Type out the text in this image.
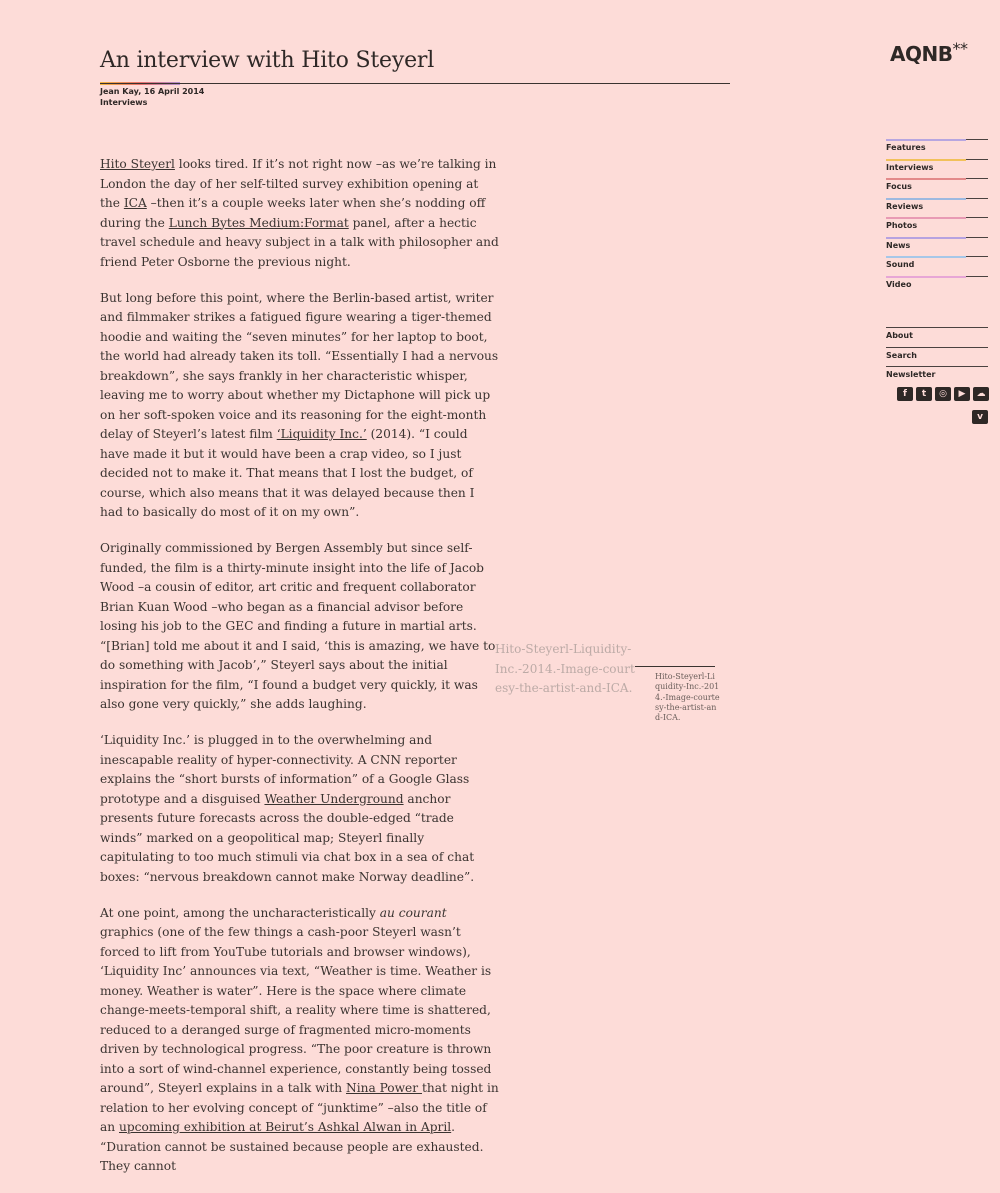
An interview with Hito Steyerl
Jean Kay, 16 April 2014
Interviews
AQNB**
Features
Interviews
Focus
Reviews
Photos
News
Sound
Video
About
Search
Newsletter
f	t	◎	▶	☁
v

Hito Steyerl looks tired. If it’s not right now –as we’re talking in London the day of her self-tilted survey exhibition opening at the ICA –then it’s a couple weeks later when she’s nodding off during the Lunch Bytes Medium:Format panel, after a hectic travel schedule and heavy subject in a talk with philosopher and friend Peter Osborne the previous night.

But long before this point, where the Berlin-based artist, writer and filmmaker strikes a fatigued figure wearing a tiger-themed hoodie and waiting the “seven minutes” for her laptop to boot, the world had already taken its toll. “Essentially I had a nervous breakdown”, she says frankly in her characteristic whisper, leaving me to worry about whether my Dictaphone will pick up on her soft-spoken voice and its reasoning for the eight-month delay of Steyerl’s latest film ‘Liquidity Inc.’ (2014). “I could have made it but it would have been a crap video, so I just decided not to make it. That means that I lost the budget, of course, which also means that it was delayed because then I had to basically do most of it on my own”.

Originally commissioned by Bergen Assembly but since self-funded, the film is a thirty-minute insight into the life of Jacob Wood –a cousin of editor, art critic and frequent collaborator Brian Kuan Wood –who began as a financial advisor before losing his job to the GEC and finding a future in martial arts. “[Brian] told me about it and I said, ‘this is amazing, we have to do something with Jacob’,” Steyerl says about the initial inspiration for the film, “I found a budget very quickly, it was also gone very quickly,” she adds laughing.

‘Liquidity Inc.’ is plugged in to the overwhelming and inescapable reality of hyper-connectivity. A CNN reporter explains the “short bursts of information” of a Google Glass prototype and a disguised Weather Underground anchor presents future forecasts across the double-edged “trade winds” marked on a geopolitical map; Steyerl finally capitulating to too much stimuli via chat box in a sea of chat boxes: “nervous breakdown cannot make Norway deadline”.

At one point, among the uncharacteristically au courant graphics (one of the few things a cash-poor Steyerl wasn’t forced to lift from YouTube tutorials and browser windows), ‘Liquidity Inc’ announces via text, “Weather is time. Weather is money. Weather is water”. Here is the space where climate change-meets-temporal shift, a reality where time is shattered, reduced to a deranged surge of fragmented micro-moments driven by technological progress. “The poor creature is thrown into a sort of wind-channel experience, constantly being tossed around”, Steyerl explains in a talk with Nina Power that night in relation to her evolving concept of “junktime” –also the title of an upcoming exhibition at Beirut’s Ashkal Alwan in April. “Duration cannot be sustained because people are exhausted. They cannot

Hito-Steyerl-Liquidity-Inc.-2014.-Image-courtesy-the-artist-and-ICA.
Hito-Steyerl-Liquidity-Inc.-2014.-Image-courtesy-the-artist-and-ICA.
